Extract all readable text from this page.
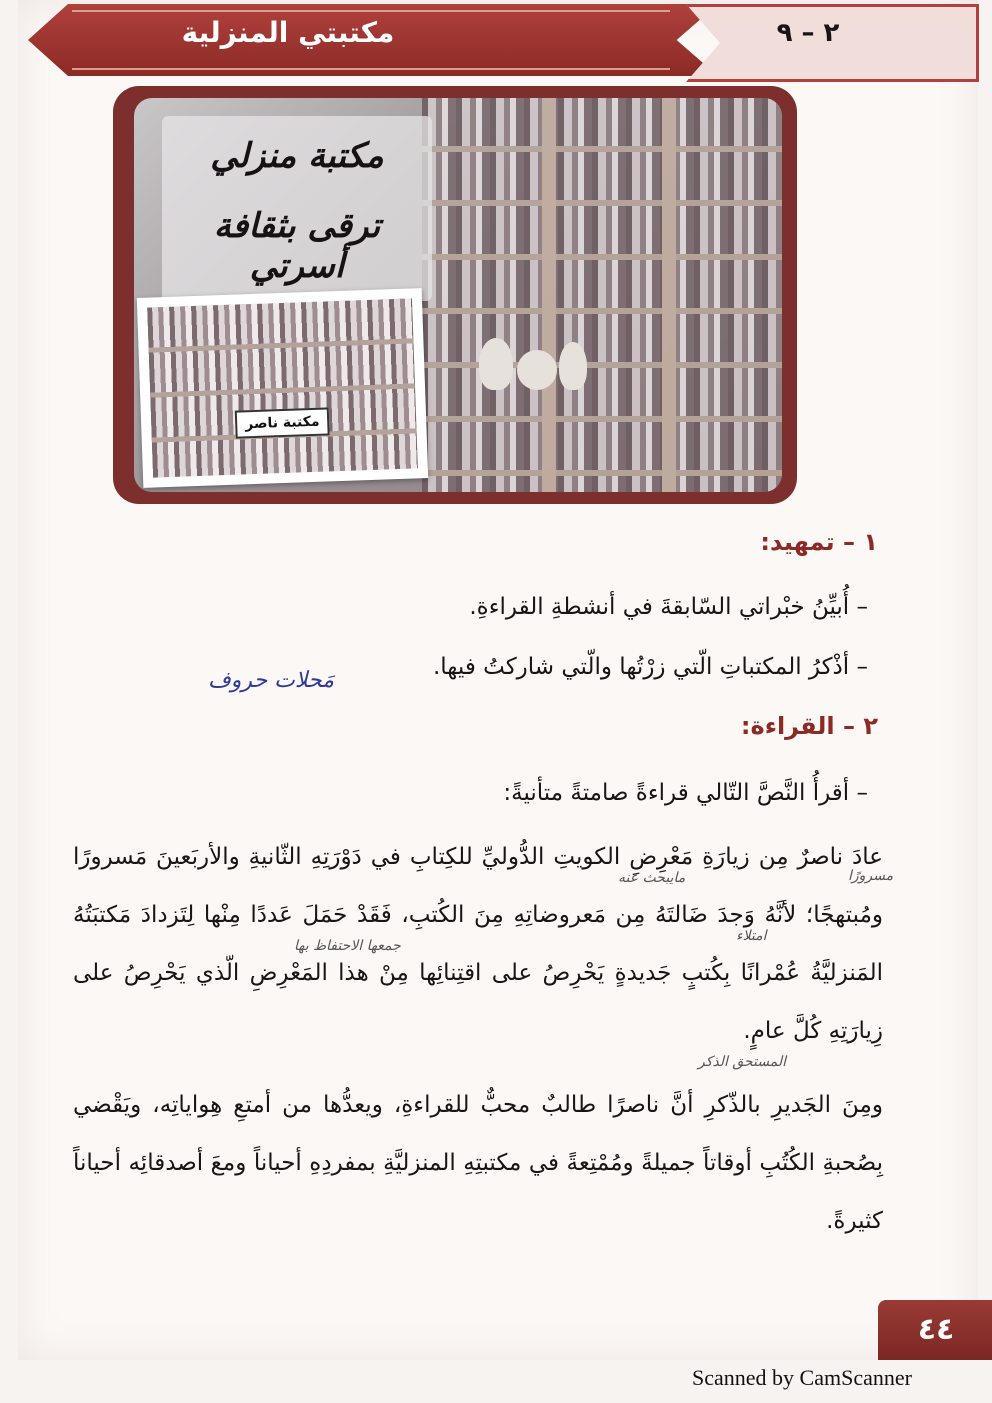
مكتبتي المنزلية	٢ – ٩
مكتبة منزلي
ترقى بثقافة أسرتي
مكتبة ناصر
١ – تمهيد:
– أُبيِّنُ خبْراتي السّابقةَ في أنشطةِ القراءةِ.
– أذْكرُ المكتباتِ الّتي زرْتُها والّتي شاركتُ فيها.
مَحلات حروف
٢ – القراءة:
– أقرأُ النَّصَّ التّالي قراءةً صامتةً متأنيةً:
عادَ ناصرٌ مِن زيارَةِ مَعْرِضِ الكويتِ الدُّوليِّ للكِتابِ في دَوْرَتِهِ الثّانيةِ والأربَعينَ مَسرورًا ومُبتهجًا؛ لأنَّهُ وَجدَ ضَالتَهُ مِن مَعروضاتِهِ مِنَ الكُتبِ، فَقَدْ حَمَلَ عَددًا مِنْها لِتَزدادَ مَكتبَتُهُ المَنزليَّةُ عُمْرانًا بِكُتبٍ جَديدةٍ يَحْرِصُ على اقتِنائِها مِنْ هذا المَعْرِضِ الّذي يَحْرِصُ على زِيارَتِهِ كُلَّ عامٍ.
مسرورًا
مايبحث عنه
امتلاء
جمعها الاحتفاظ بها
ومِنَ الجَديرِ بالذّكرِ أنَّ ناصرًا طالبٌ محبٌّ للقراءةِ، ويعدُّها من أمتعِ هِواياتِه، ويَقْضي بِصُحبةِ الكُتُبِ أوقاتاً جميلةً ومُمْتِعةً في مكتبتِهِ المنزليَّةِ بمفردِهِ أحياناً ومعَ أصدقائِه أحياناً كثيرةً.
المستحق الذكر
٤٤
Scanned by CamScanner
